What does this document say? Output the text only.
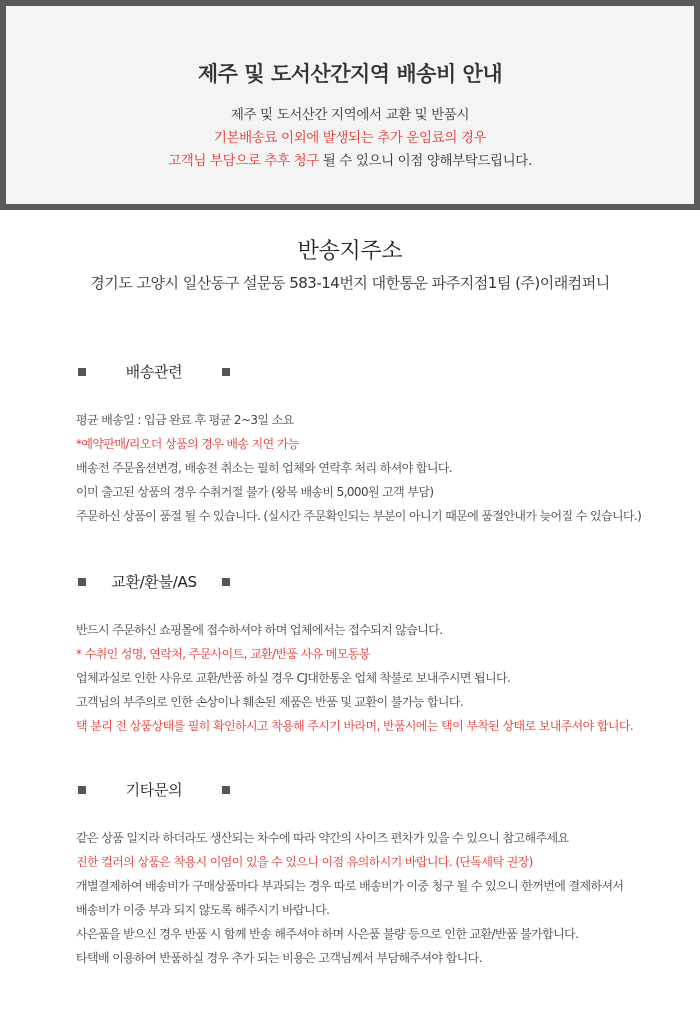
제주 및 도서산간지역 배송비 안내
제주 및 도서산간 지역에서 교환 및 반품시
기본배송료 이외에 발생되는 추가 운임료의 경우
고객님 부담으로 추후 청구 될 수 있으니 이점 양해부탁드립니다.
반송지주소
경기도 고양시 일산동구 설문동 583-14번지 대한통운 파주지점1팀 (주)이래컴퍼니
배송관련
평균 배송일 : 입금 완료 후 평균 2~3일 소요
*예약판매/리오더 상품의 경우 배송 지연 가능
배송전 주문옵션변경, 배송전 취소는 필히 업체와 연락후 처리 하셔야 합니다.
이미 출고된 상품의 경우 수취거절 불가 (왕복 배송비 5,000원 고객 부담)
주문하신 상품이 품절 될 수 있습니다. (실시간 주문확인되는 부분이 아니기 때문에 품절안내가 늦어질 수 있습니다.)
교환/환불/AS
반드시 주문하신 쇼핑몰에 접수하셔야 하며 업체에서는 접수되지 않습니다.
* 수취인 성명, 연락처, 주문사이트, 교환/반품 사유 메모동봉
업체과실로 인한 사유로 교환/반품 하실 경우 CJ대한통운 업체 착불로 보내주시면 됩니다.
고객님의 부주의로 인한 손상이나 훼손된 제품은 반품 및 교환이 불가능 합니다.
택 분리 전 상품상태를 필히 확인하시고 착용해 주시기 바라며, 반품시에는 택이 부착된 상태로 보내주셔야 합니다.
기타문의
같은 상품 일지라 하더라도 생산되는 차수에 따라 약간의 사이즈 편차가 있을 수 있으니 참고해주세요
진한 컬러의 상품은 착용시 이염이 있을 수 있으니 이점 유의하시기 바랍니다. (단독세탁 권장)
개별결제하여 배송비가 구매상품마다 부과되는 경우 따로 배송비가 이중 청구 될 수 있으니 한꺼번에 결제하셔서
배송비가 이중 부과 되지 않도록 해주시기 바랍니다.
사은품을 받으신 경우 반품 시 함께 반송 해주셔야 하며 사은품 불량 등으로 인한 교환/반품 불가합니다.
타택배 이용하여 반품하실 경우 추가 되는 비용은 고객님께서 부담해주셔야 합니다.
